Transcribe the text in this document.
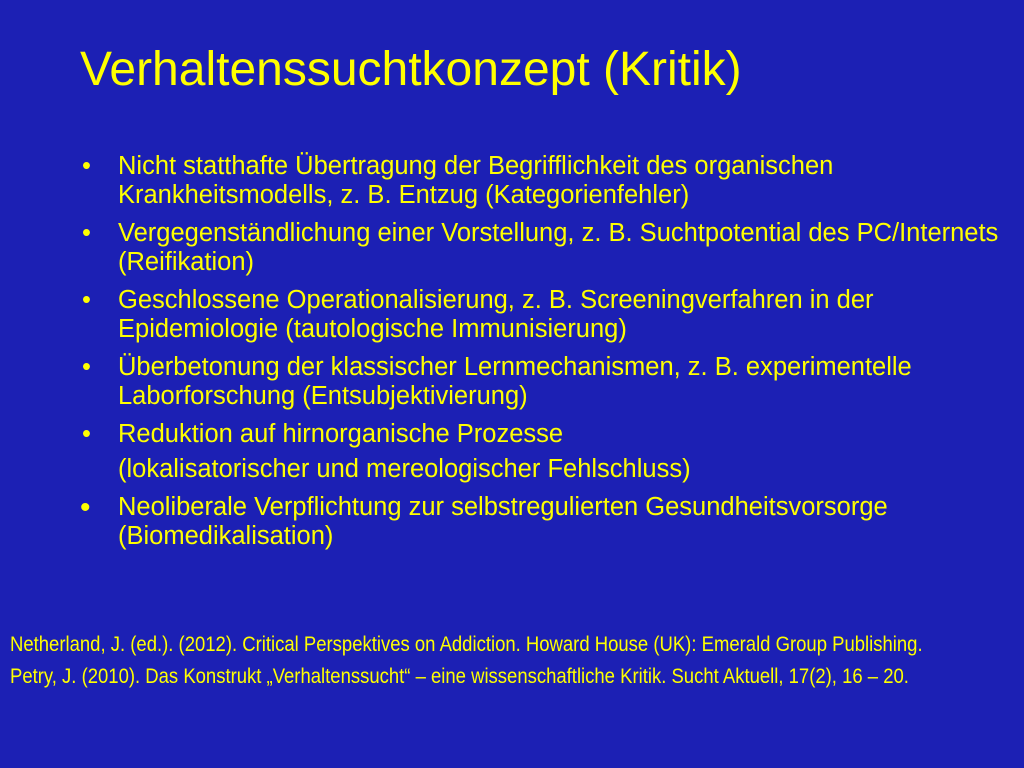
Verhaltenssuchtkonzept (Kritik)
•	Nicht statthafte Übertragung der Begrifflichkeit des organischen Krankheitsmodells, z. B. Entzug (Kategorienfehler)
•	Vergegenständlichung einer Vorstellung, z. B. Suchtpotential des PC/Internets (Reifikation)
•	Geschlossene Operationalisierung, z. B. Screeningverfahren in der Epidemiologie (tautologische Immunisierung)
•	Überbetonung der klassischer Lernmechanismen, z. B. experimentelle Laborforschung (Entsubjektivierung)
•	Reduktion auf hirnorganische Prozesse
(lokalisatorischer und mereologischer Fehlschluss)
•	Neoliberale Verpflichtung zur selbstregulierten Gesundheitsvorsorge (Biomedikalisation)

Netherland, J. (ed.). (2012). Critical Perspektives on Addiction. Howard House (UK): Emerald Group Publishing.

Petry, J. (2010). Das Konstrukt „Verhaltenssucht“ – eine wissenschaftliche Kritik. Sucht Aktuell, 17(2), 16 – 20.
